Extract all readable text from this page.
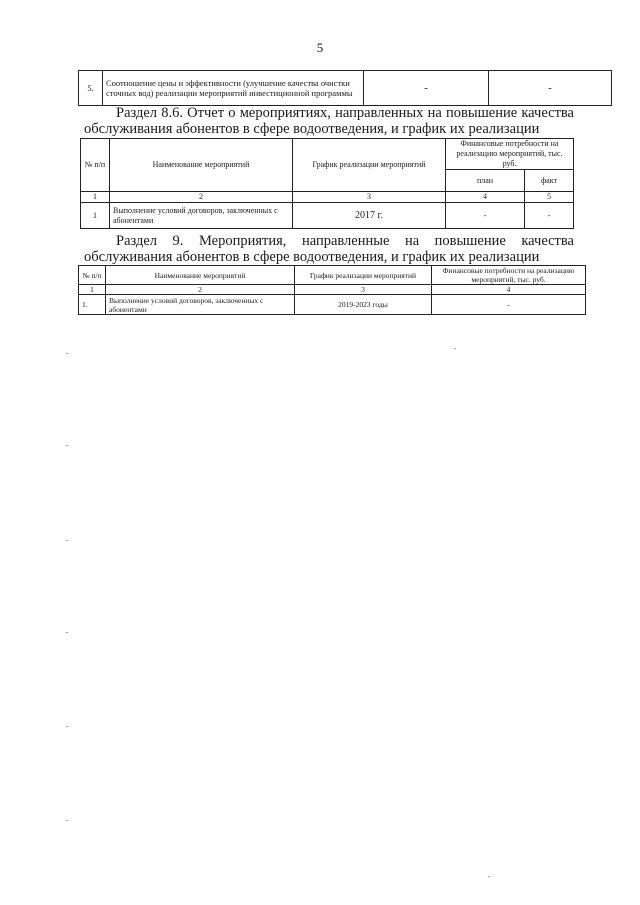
5
5.	Соотношение цены и эффективности (улучшение качества очистки сточных вод) реализации мероприятий инвестиционной программы	-	-
Раздел 8.6. Отчет о мероприятиях, направленных на повышение качества
обслуживания абонентов в сфере водоотведения, и график их реализации
№ п/п	Наименование мероприятий	График реализации мероприятий	Финансовые потребности на реализацию мероприятий, тыс. руб.	
			план	факт
1	2	3	4	5
1	Выполнение условий договоров, заключенных с абонентами	2017 г.	-	-
Раздел 9. Мероприятия, направленные на повышение качества
обслуживания абонентов в сфере водоотведения, и график их реализации
№ п/п	Наименование мероприятий	График реализации мероприятий	Финансовые потребности на реализацию мероприятий, тыс. руб.
1	2	3	4
1.	Выполнение условий договоров, заключенных с абонентами	2019-2023 годы	-
